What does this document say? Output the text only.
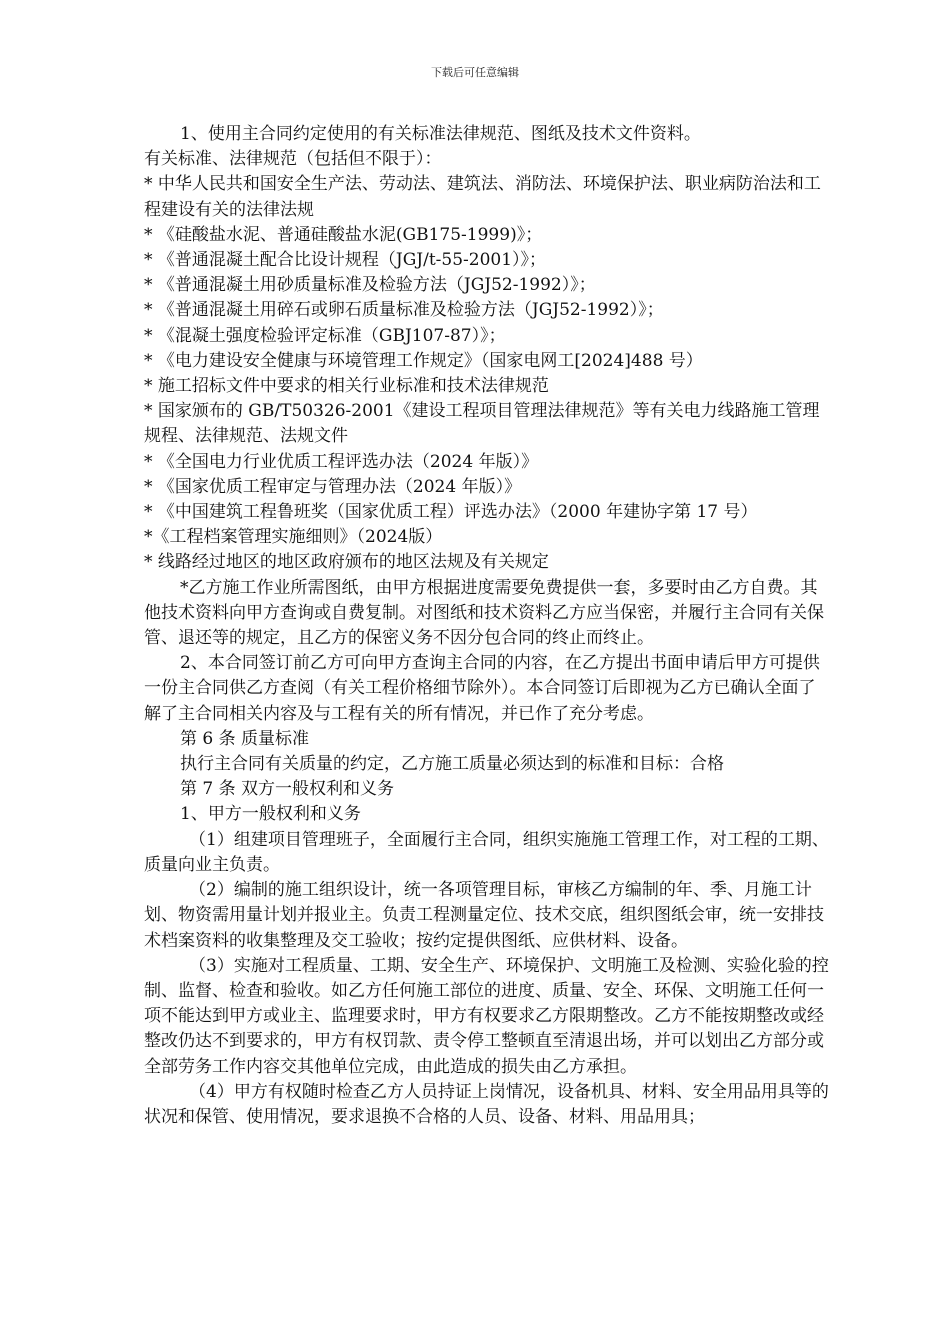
下载后可任意编辑

1、使用主合同约定使用的有关标准法律规范、图纸及技术文件资料。

有关标准、法律规范（包括但不限于）：

* 中华人民共和国安全生产法、劳动法、建筑法、消防法、环境保护法、职业病防治法和工程建设有关的法律法规

* 《硅酸盐水泥、普通硅酸盐水泥(GB175-1999)》；

* 《普通混凝土配合比设计规程（JGJ/t-55-2001）》；

* 《普通混凝土用砂质量标准及检验方法（JGJ52-1992）》；

* 《普通混凝土用碎石或卵石质量标准及检验方法（JGJ52-1992）》；

* 《混凝土强度检验评定标准（GBJ107-87）》；

* 《电力建设安全健康与环境管理工作规定》（国家电网工[2024]488 号）

* 施工招标文件中要求的相关行业标准和技术法律规范

* 国家颁布的 GB/T50326-2001《建设工程项目管理法律规范》等有关电力线路施工管理规程、法律规范、法规文件

* 《全国电力行业优质工程评选办法（2024 年版）》

* 《国家优质工程审定与管理办法（2024 年版）》

* 《中国建筑工程鲁班奖（国家优质工程）评选办法》（2000 年建协字第 17 号）

*《工程档案管理实施细则》（2024版）

* 线路经过地区的地区政府颁布的地区法规及有关规定

*乙方施工作业所需图纸，由甲方根据进度需要免费提供一套，多要时由乙方自费。其他技术资料向甲方查询或自费复制。对图纸和技术资料乙方应当保密，并履行主合同有关保管、退还等的规定，且乙方的保密义务不因分包合同的终止而终止。

2、本合同签订前乙方可向甲方查询主合同的内容，在乙方提出书面申请后甲方可提供一份主合同供乙方查阅（有关工程价格细节除外）。本合同签订后即视为乙方已确认全面了解了主合同相关内容及与工程有关的所有情况，并已作了充分考虑。

第 6 条 质量标准

执行主合同有关质量的约定，乙方施工质量必须达到的标准和目标：合格

第 7 条 双方一般权利和义务

1、甲方一般权利和义务

（1）组建项目管理班子，全面履行主合同，组织实施施工管理工作，对工程的工期、质量向业主负责。

（2）编制的施工组织设计，统一各项管理目标，审核乙方编制的年、季、月施工计划、物资需用量计划并报业主。负责工程测量定位、技术交底，组织图纸会审，统一安排技术档案资料的收集整理及交工验收；按约定提供图纸、应供材料、设备。

（3）实施对工程质量、工期、安全生产、环境保护、文明施工及检测、实验化验的控制、监督、检查和验收。如乙方任何施工部位的进度、质量、安全、环保、文明施工任何一项不能达到甲方或业主、监理要求时，甲方有权要求乙方限期整改。乙方不能按期整改或经整改仍达不到要求的，甲方有权罚款、责令停工整顿直至清退出场，并可以划出乙方部分或全部劳务工作内容交其他单位完成，由此造成的损失由乙方承担。

（4）甲方有权随时检查乙方人员持证上岗情况，设备机具、材料、安全用品用具等的状况和保管、使用情况，要求退换不合格的人员、设备、材料、用品用具；
